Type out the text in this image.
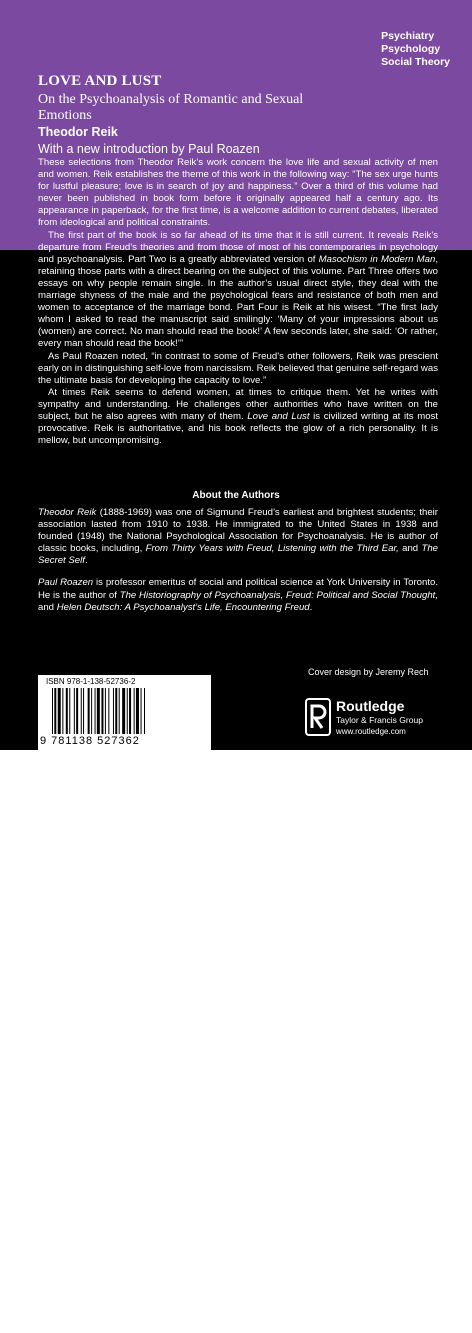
Psychiatry
Psychology
Social Theory
LOVE AND LUST
On the Psychoanalysis of Romantic and Sexual Emotions
Theodor Reik
With a new introduction by Paul Roazen

These selections from Theodor Reik’s work concern the love life and sexual activity of men and women. Reik establishes the theme of this work in the following way: “The sex urge hunts for lustful pleasure; love is in search of joy and happiness.” Over a third of this volume had never been published in book form before it originally appeared half a century ago. Its appearance in paperback, for the first time, is a welcome addition to current debates, liberated from ideological and political constraints.

The first part of the book is so far ahead of its time that it is still current. It reveals Reik’s departure from Freud’s theories and from those of most of his contemporaries in psychology and psychoanalysis. Part Two is a greatly abbreviated version of Masochism in Modern Man, retaining those parts with a direct bearing on the subject of this volume. Part Three offers two essays on why people remain single. In the author’s usual direct style, they deal with the marriage shyness of the male and the psychological fears and resistance of both men and women to acceptance of the marriage bond. Part Four is Reik at his wisest. “The first lady whom I asked to read the manuscript said smilingly: ‘Many of your impressions about us (women) are correct. No man should read the book!’ A few seconds later, she said: ‘Or rather, every man should read the book!’”

As Paul Roazen noted, “in contrast to some of Freud’s other followers, Reik was prescient early on in distinguishing self-love from narcissism. Reik believed that genuine self-regard was the ultimate basis for developing the capacity to love.”

At times Reik seems to defend women, at times to critique them. Yet he writes with sympathy and understanding. He challenges other authorities who have written on the subject, but he also agrees with many of them. Love and Lust is civilized writing at its most provocative. Reik is authoritative, and his book reflects the glow of a rich personality. It is mellow, but uncompromising.

About the Authors

Theodor Reik (1888-1969) was one of Sigmund Freud’s earliest and brightest students; their association lasted from 1910 to 1938. He immigrated to the United States in 1938 and founded (1948) the National Psychological Association for Psychoanalysis. He is author of classic books, including, From Thirty Years with Freud, Listening with the Third Ear, and The Secret Self.

Paul Roazen is professor emeritus of social and political science at York University in Toronto. He is the author of The Historiography of Psychoanalysis, Freud: Political and Social Thought, and Helen Deutsch: A Psychoanalyst’s Life, Encountering Freud.

Cover design by Jeremy Rech
an informa business
ISBN 978-1-138-52736-2
9 781138 527362
Routledge
Taylor & Francis Group
www.routledge.com
